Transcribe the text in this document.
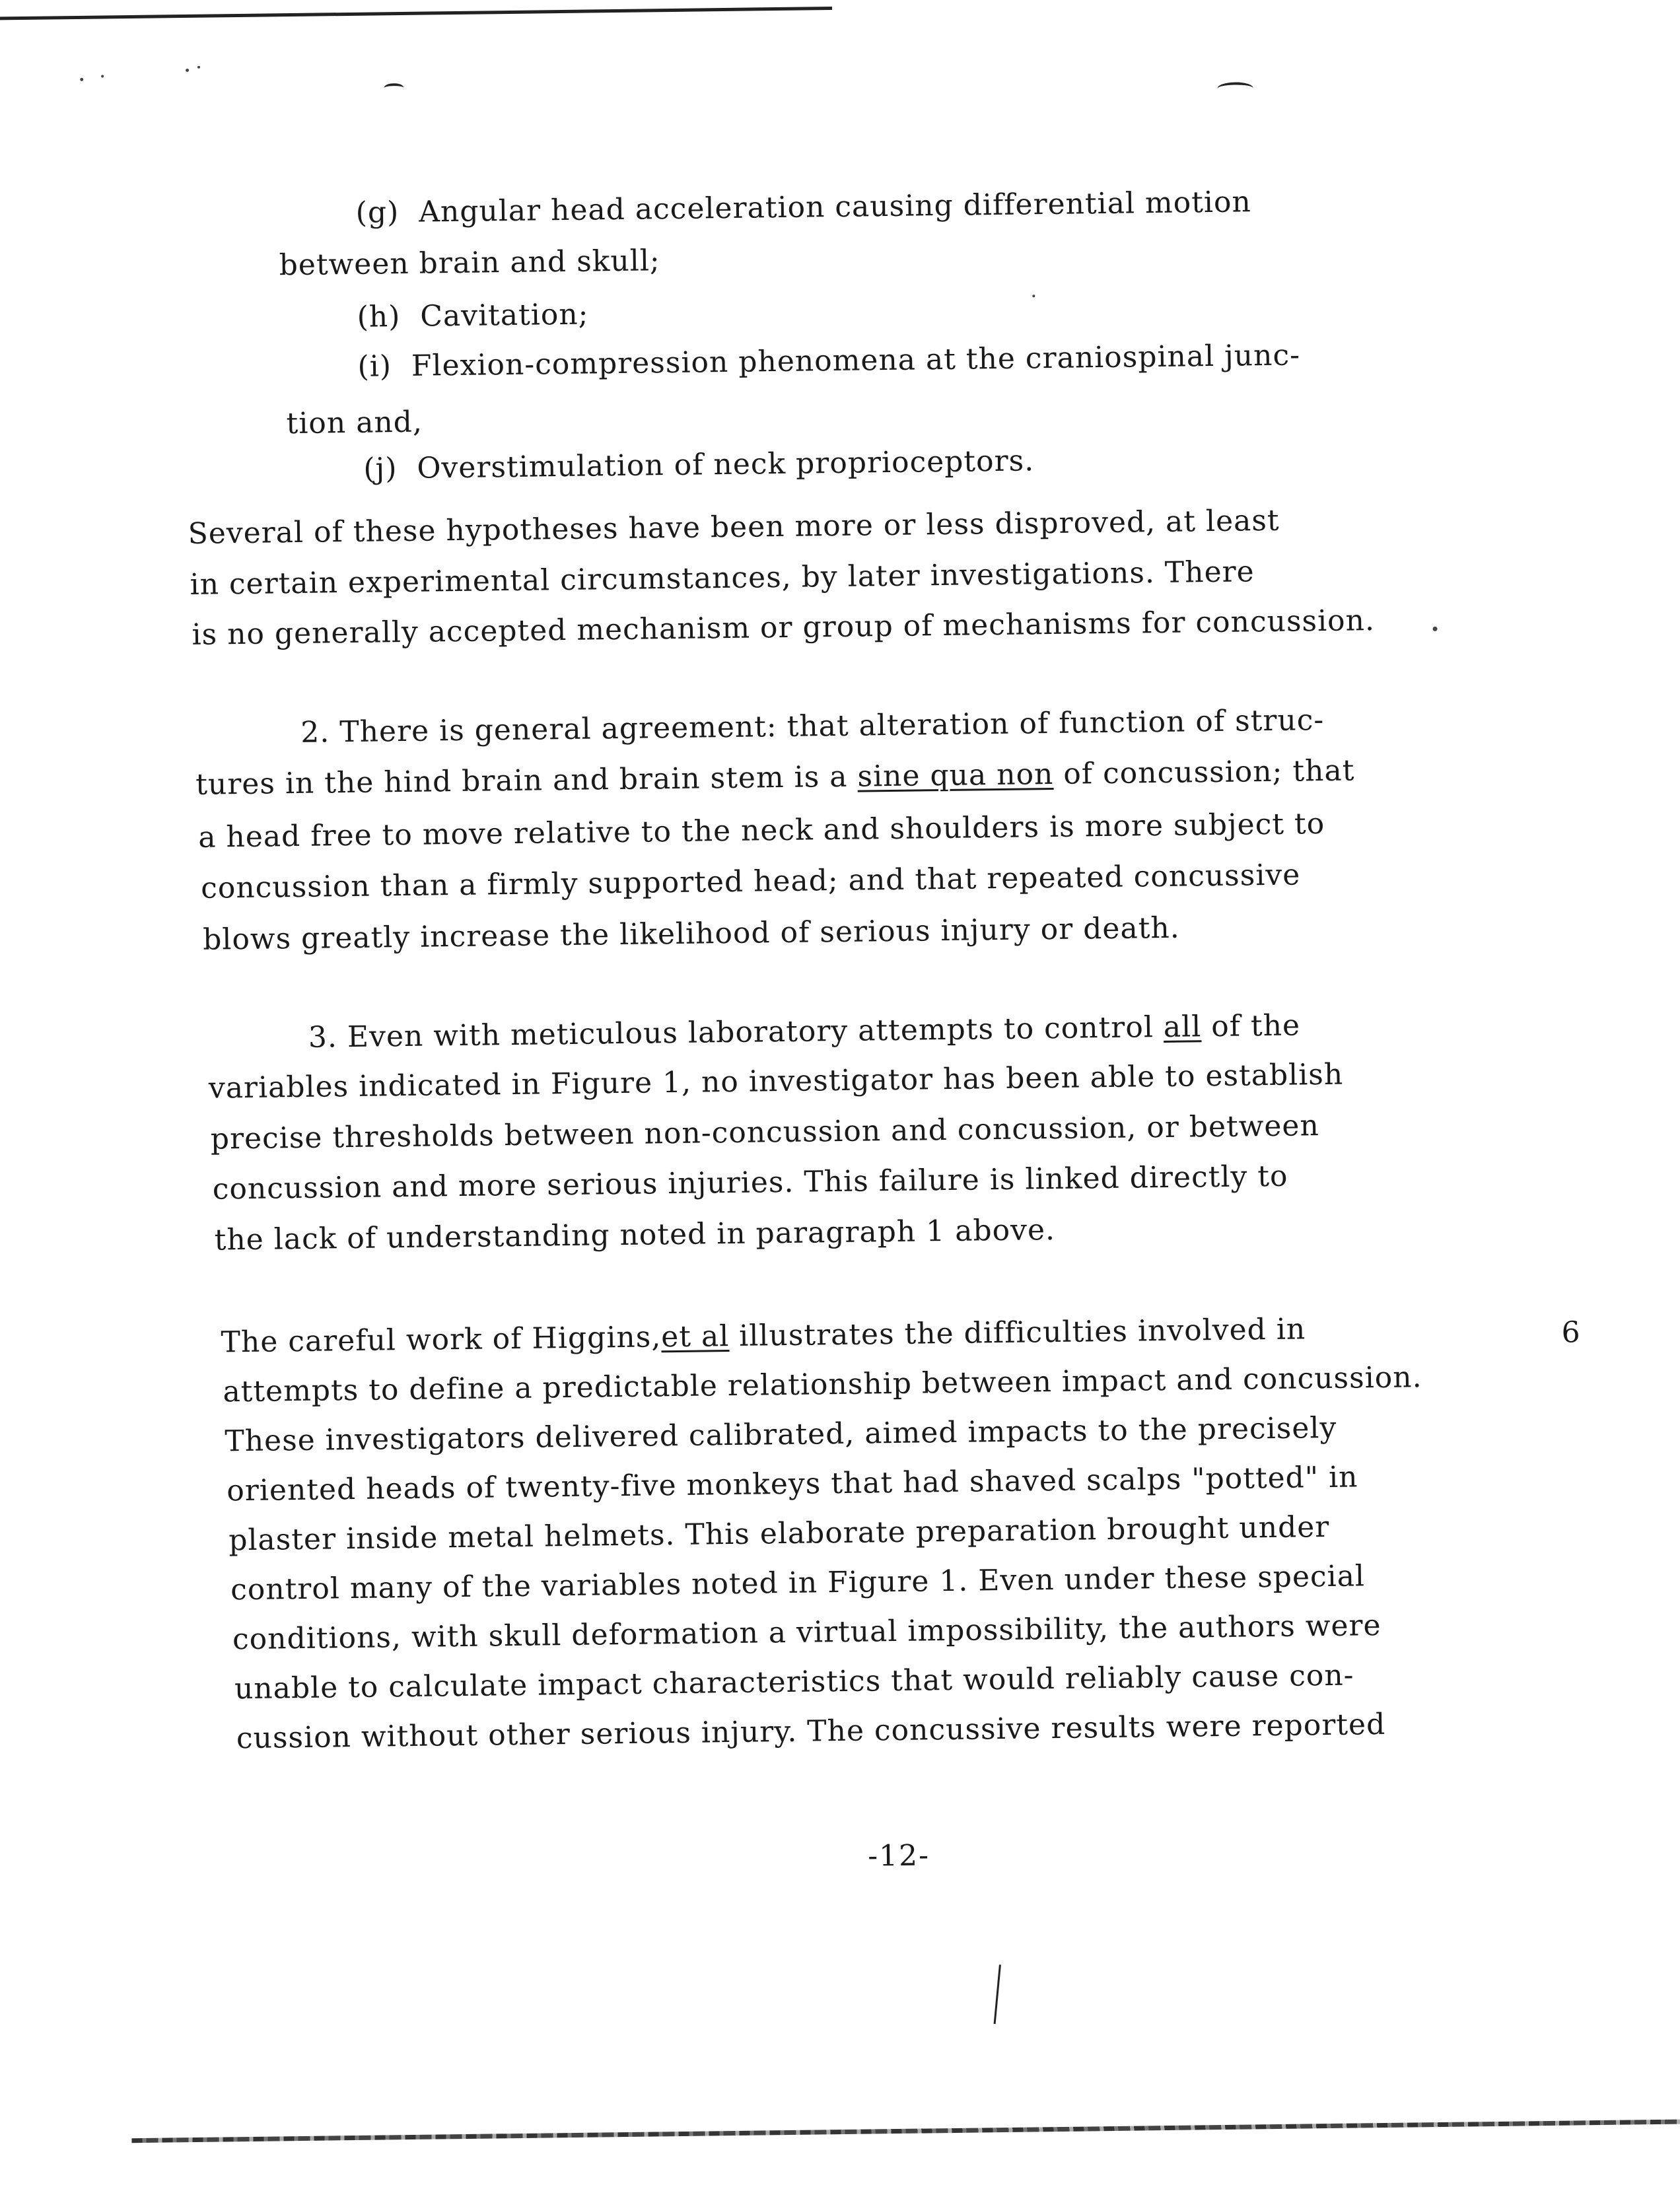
(g) Angular head acceleration causing differential motion
between brain and skull;
(h) Cavitation;
(i) Flexion-compression phenomena at the craniospinal junc-
tion and,
(j) Overstimulation of neck proprioceptors.
Several of these hypotheses have been more or less disproved, at least
in certain experimental circumstances, by later investigations. There
is no generally accepted mechanism or group of mechanisms for concussion.
2. There is general agreement: that alteration of function of struc-
tures in the hind brain and brain stem is a sine qua non of concussion; that
a head free to move relative to the neck and shoulders is more subject to
concussion than a firmly supported head; and that repeated concussive
blows greatly increase the likelihood of serious injury or death.
3. Even with meticulous laboratory attempts to control all of the
variables indicated in Figure 1, no investigator has been able to establish
precise thresholds between non-concussion and concussion, or between
concussion and more serious injuries. This failure is linked directly to
the lack of understanding noted in paragraph 1 above.
The careful work of Higgins,et al illustrates the difficulties involved in	6
attempts to define a predictable relationship between impact and concussion.
These investigators delivered calibrated, aimed impacts to the precisely
oriented heads of twenty-five monkeys that had shaved scalps "potted" in
plaster inside metal helmets. This elaborate preparation brought under
control many of the variables noted in Figure 1. Even under these special
conditions, with skull deformation a virtual impossibility, the authors were
unable to calculate impact characteristics that would reliably cause con-
cussion without other serious injury. The concussive results were reported
-12-
